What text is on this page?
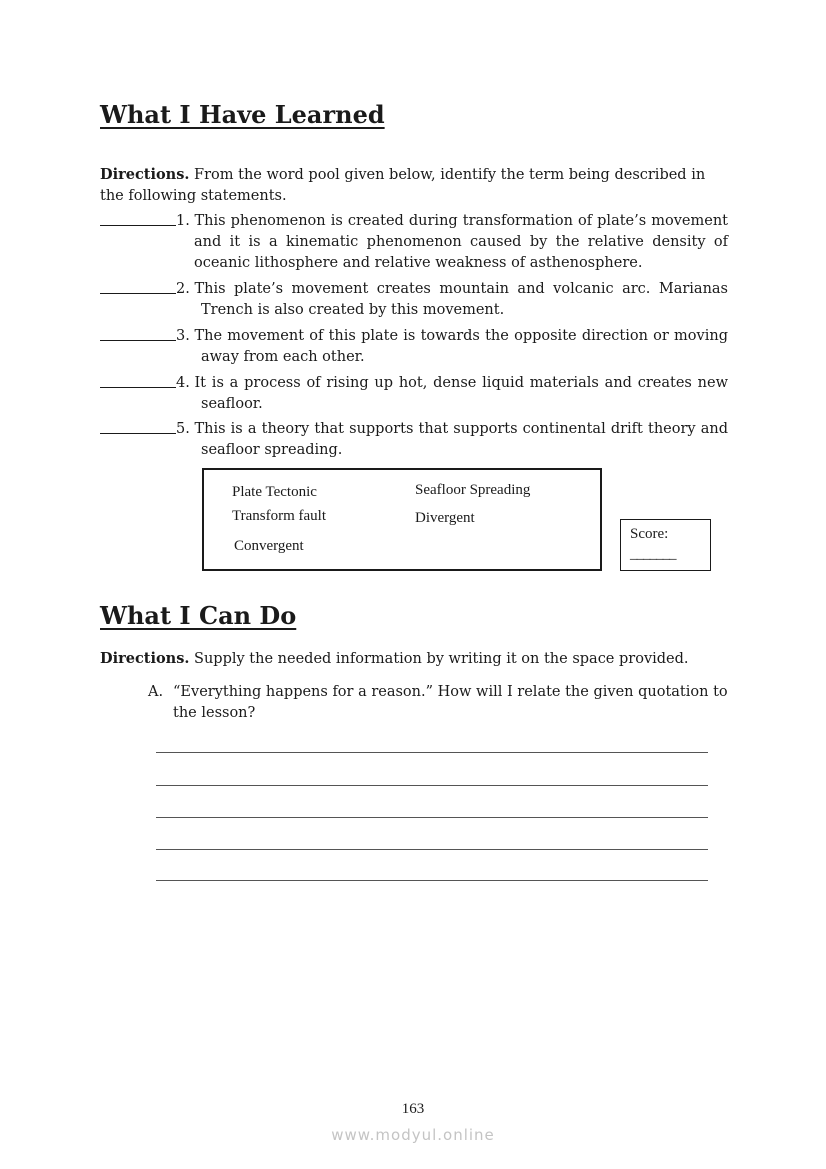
What I Have Learned
Directions. From the word pool given below, identify the term being described in the following statements.
1.
This phenomenon is created during transformation of plate’s movement
and it is a kinematic phenomenon caused by the relative density of oceanic lithosphere and relative weakness of asthenosphere.
2.
This plate’s movement creates mountain and volcanic arc. Marianas
Trench is also created by this movement.
3.
The movement of this plate is towards the opposite direction or moving
away from each other.
4.
It is a process of rising up hot, dense liquid materials and creates new
seafloor.
5.
This is a theory that supports that supports continental drift theory and
seafloor spreading.
Plate Tectonic	Seafloor Spreading
Transform fault	Divergent
Convergent
Score:
_______
What I Can Do
Directions. Supply the needed information by writing it on the space provided.
A. “Everything happens for a reason.” How will I relate the given quotation to the lesson?
163
www.modyul.online
